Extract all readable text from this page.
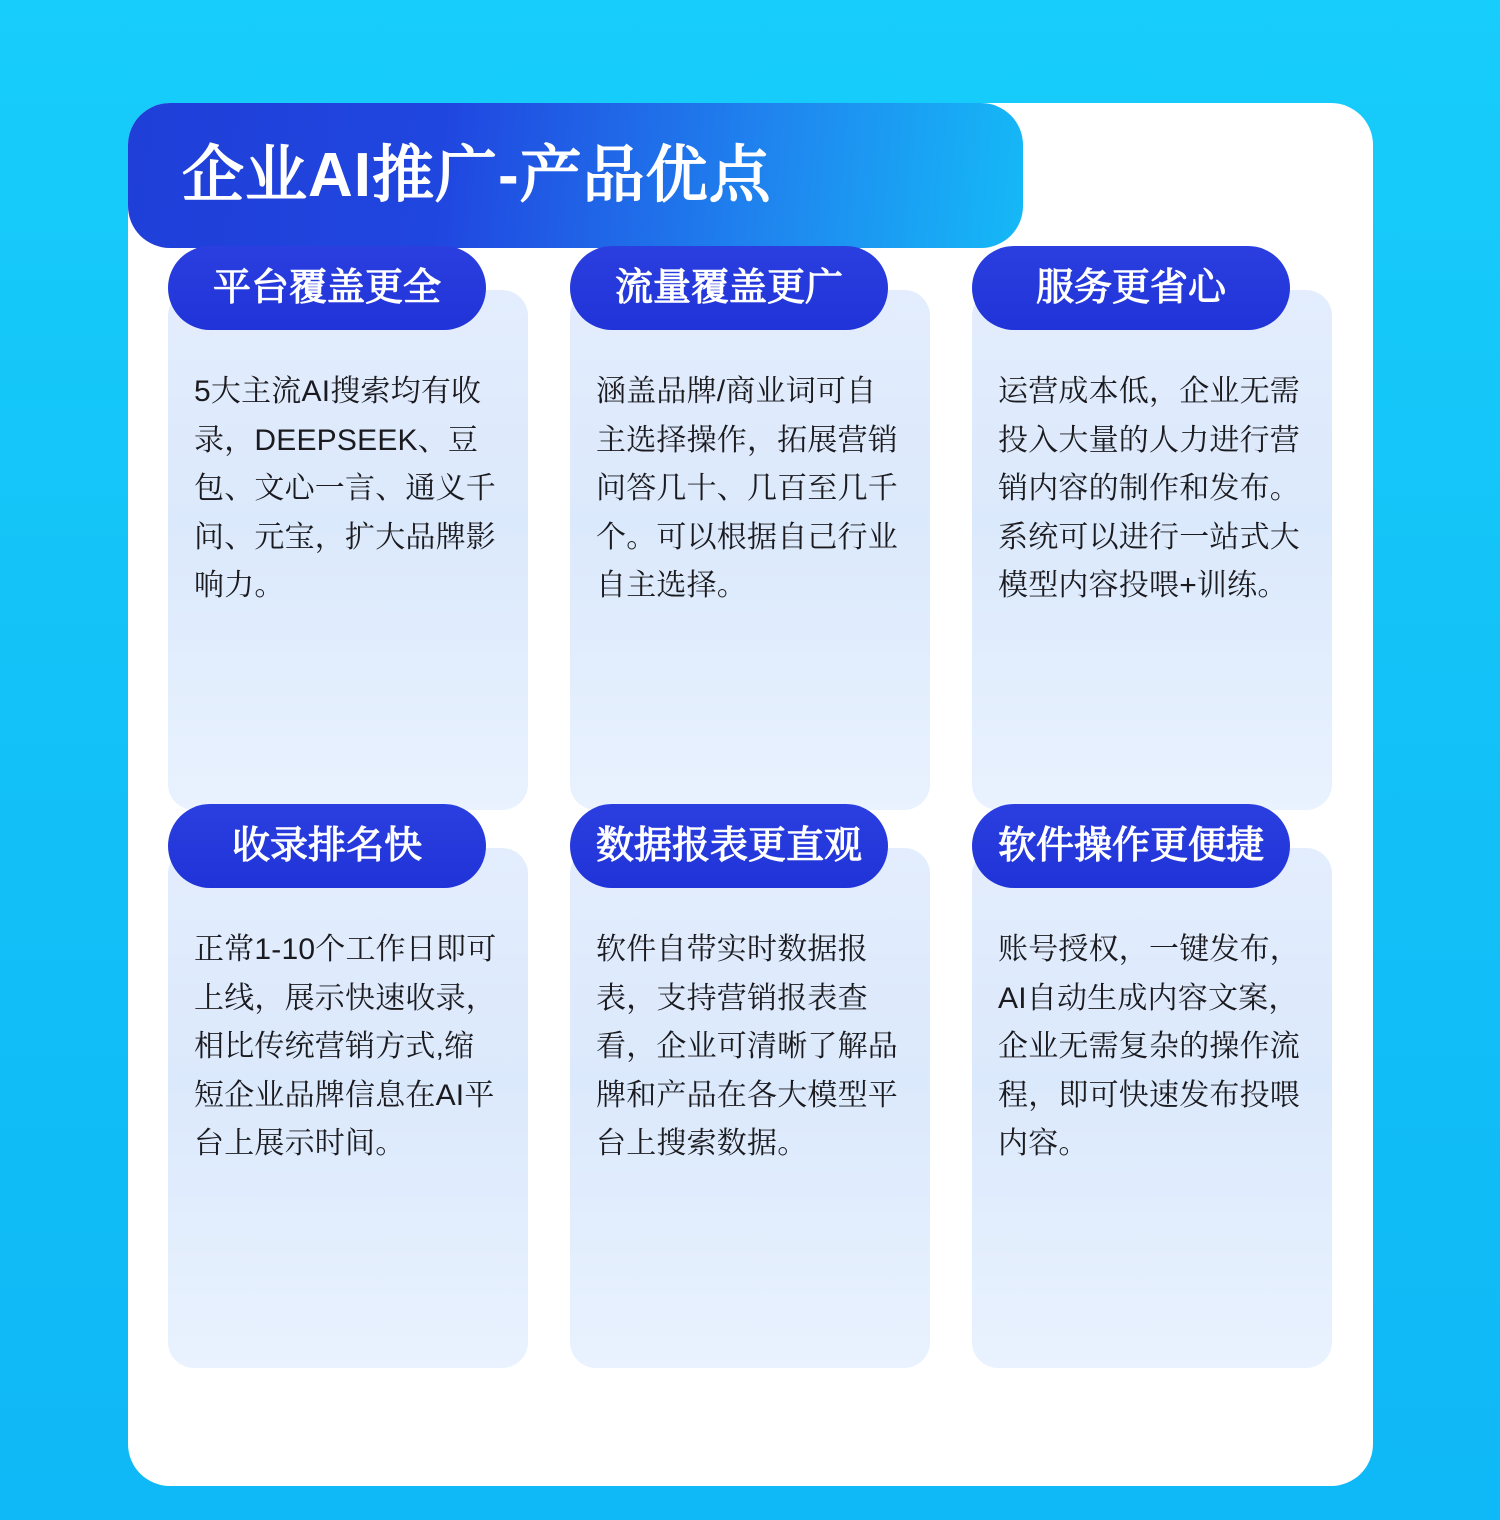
企业AI推广-产品优点
平台覆盖更全
5大主流AI搜索均有收录，DEEPSEEK、豆包、文心一言、通义千问、元宝，扩大品牌影响力。
流量覆盖更广
涵盖品牌/商业词可自主选择操作，拓展营销问答几十、几百至几千个。可以根据自己行业自主选择。
服务更省心
运营成本低，企业无需投入大量的人力进行营销内容的制作和发布。系统可以进行一站式大模型内容投喂+训练。
收录排名快
正常1-10个工作日即可上线，展示快速收录，相比传统营销方式,缩短企业品牌信息在AI平台上展示时间。
数据报表更直观
软件自带实时数据报表，支持营销报表查看，企业可清晰了解品牌和产品在各大模型平台上搜索数据。
软件操作更便捷
账号授权，一键发布，AI自动生成内容文案，企业无需复杂的操作流程，即可快速发布投喂内容。
